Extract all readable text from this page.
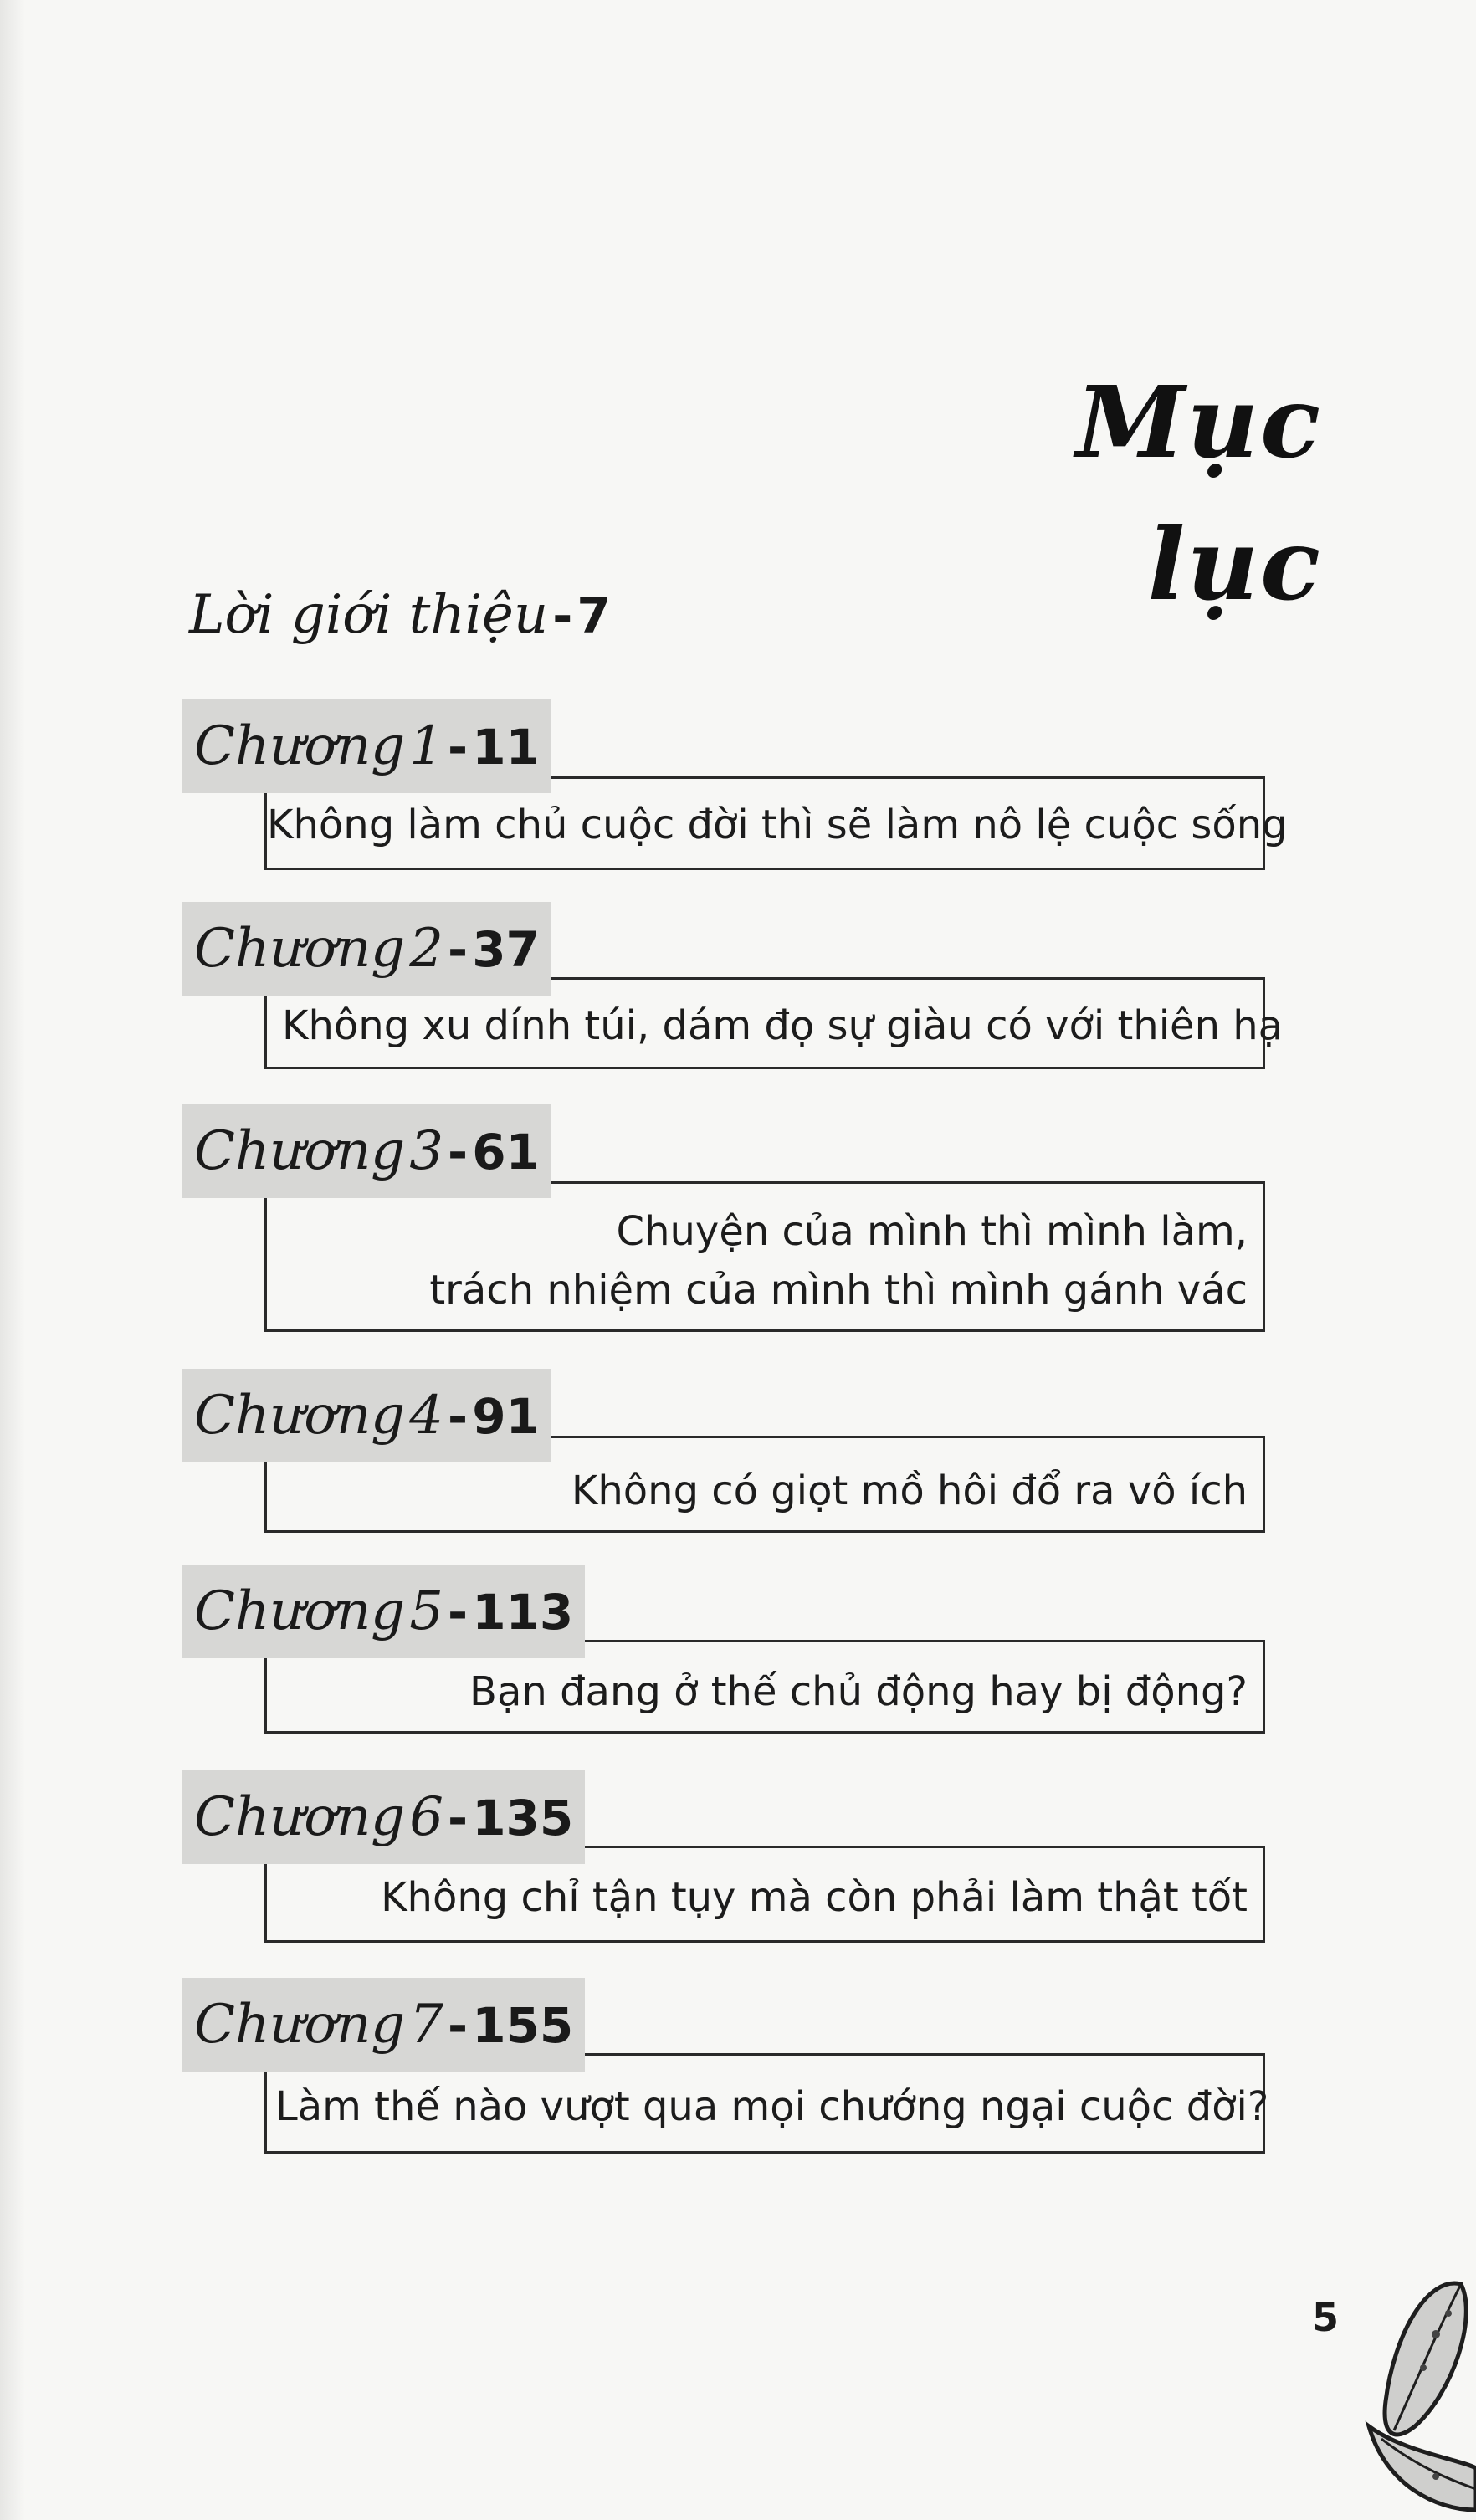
Mục lục
Lời giới thiệu - 7
Chương 1 - 11
Không làm chủ cuộc đời thì sẽ làm nô lệ cuộc sống
Chương 2 - 37
Không xu dính túi, dám đọ sự giàu có với thiên hạ
Chương 3 - 61
Chuyện của mình thì mình làm,
trách nhiệm của mình thì mình gánh vác
Chương 4 - 91
Không có giọt mồ hôi đổ ra vô ích
Chương 5 - 113
Bạn đang ở thế chủ động hay bị động?
Chương 6 - 135
Không chỉ tận tụy mà còn phải làm thật tốt
Chương 7 - 155
Làm thế nào vượt qua mọi chướng ngại cuộc đời?
5
